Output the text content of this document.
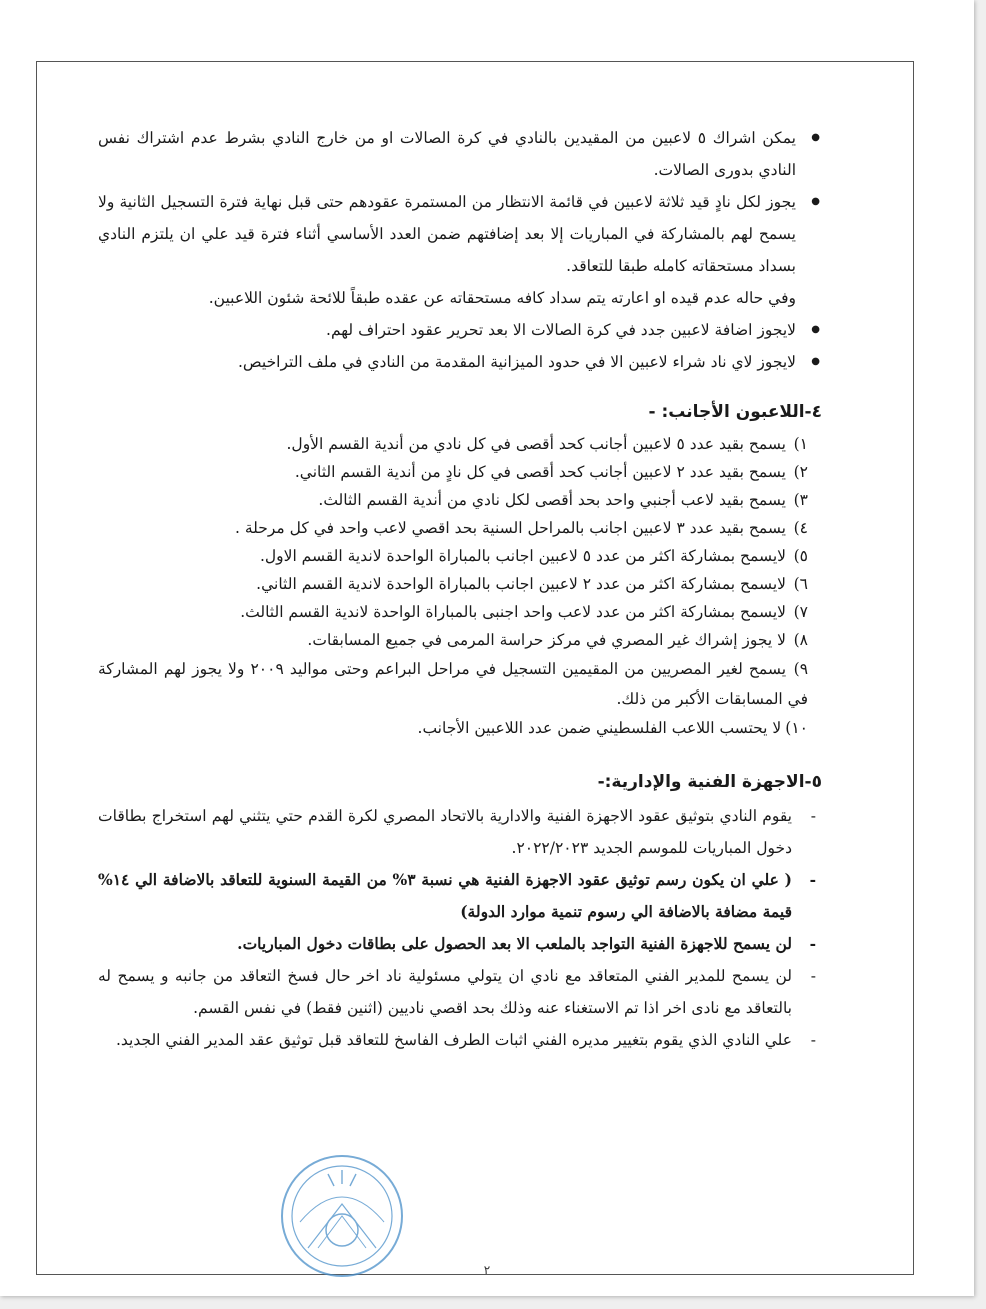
● يمكن اشراك ٥ لاعبين من المقيدين بالنادي في كرة الصالات او من خارج النادي بشرط عدم اشتراك نفس النادي بدورى الصالات.

● يجوز لكل نادٍ قيد ثلاثة لاعبين في قائمة الانتظار من المستمرة عقودهم حتى قبل نهاية فترة التسجيل الثانية ولا يسمح لهم بالمشاركة في المباريات إلا بعد إضافتهم ضمن العدد الأساسي أثناء فترة قيد علي ان يلتزم النادي بسداد مستحقاته كامله طبقا للتعاقد.

وفي حاله عدم قيده او اعارته يتم سداد كافه مستحقاته عن عقده طبقاً للائحة شئون اللاعبين.

● لايجوز اضافة لاعبين جدد في كرة الصالات الا بعد تحرير عقود احتراف لهم.

● لايجوز لاي ناد شراء لاعبين الا في حدود الميزانية المقدمة من النادي في ملف التراخيص.

٤-اللاعبون الأجانب: -

١)يسمح بقيد عدد ٥ لاعبين أجانب كحد أقصى في كل نادي من أندية القسم الأول.

٢)يسمح بقيد عدد ٢ لاعبين أجانب كحد أقصى في كل نادٍ من أندية القسم الثاني.

٣)يسمح بقيد لاعب أجنبي واحد بحد أقصى لكل نادي من أندية القسم الثالث.

٤)يسمح بقيد عدد ٣ لاعبين اجانب بالمراحل السنية بحد اقصي لاعب واحد في كل مرحلة .

٥)لايسمح بمشاركة اكثر من عدد ٥ لاعبين اجانب بالمباراة الواحدة لاندية القسم الاول.

٦)لايسمح بمشاركة اكثر من عدد ٢ لاعبين اجانب بالمباراة الواحدة لاندية القسم الثاني.

٧)لايسمح بمشاركة اكثر من عدد لاعب واحد اجنبى بالمباراة الواحدة لاندية القسم الثالث.

٨)لا يجوز إشراك غير المصري في مركز حراسة المرمى في جميع المسابقات.

٩)يسمح لغير المصريين من المقيمين التسجيل في مراحل البراعم وحتى مواليد ٢٠٠٩ ولا يجوز لهم المشاركة في المسابقات الأكبر من ذلك.

١٠)لا يحتسب اللاعب الفلسطيني ضمن عدد اللاعبين الأجانب.

٥-الاجهزة الفنية والإدارية:-

- يقوم النادي بتوثيق عقود الاجهزة الفنية والادارية بالاتحاد المصري لكرة القدم حتي يتثني لهم استخراج بطاقات دخول المباريات للموسم الجديد ٢٠٢٢/٢٠٢٣.

- ( علي ان يكون رسم توثيق عقود الاجهزة الفنية هي نسبة ٣% من القيمة السنوية للتعاقد بالاضافة الي ١٤% قيمة مضافة بالاضافة الي رسوم تنمية موارد الدولة)

- لن يسمح للاجهزة الفنية التواجد بالملعب الا بعد الحصول على بطاقات دخول المباريات.

- لن يسمح للمدير الفني المتعاقد مع نادي ان يتولي مسئولية ناد اخر حال فسخ التعاقد من جانبه و يسمح له بالتعاقد مع نادى اخر اذا تم الاستغناء عنه وذلك بحد اقصي ناديين (اثنين فقط) في نفس القسم.

- علي النادي الذي يقوم بتغيير مديره الفني اثبات الطرف الفاسخ للتعاقد قبل توثيق عقد المدير الفني الجديد.

٢
